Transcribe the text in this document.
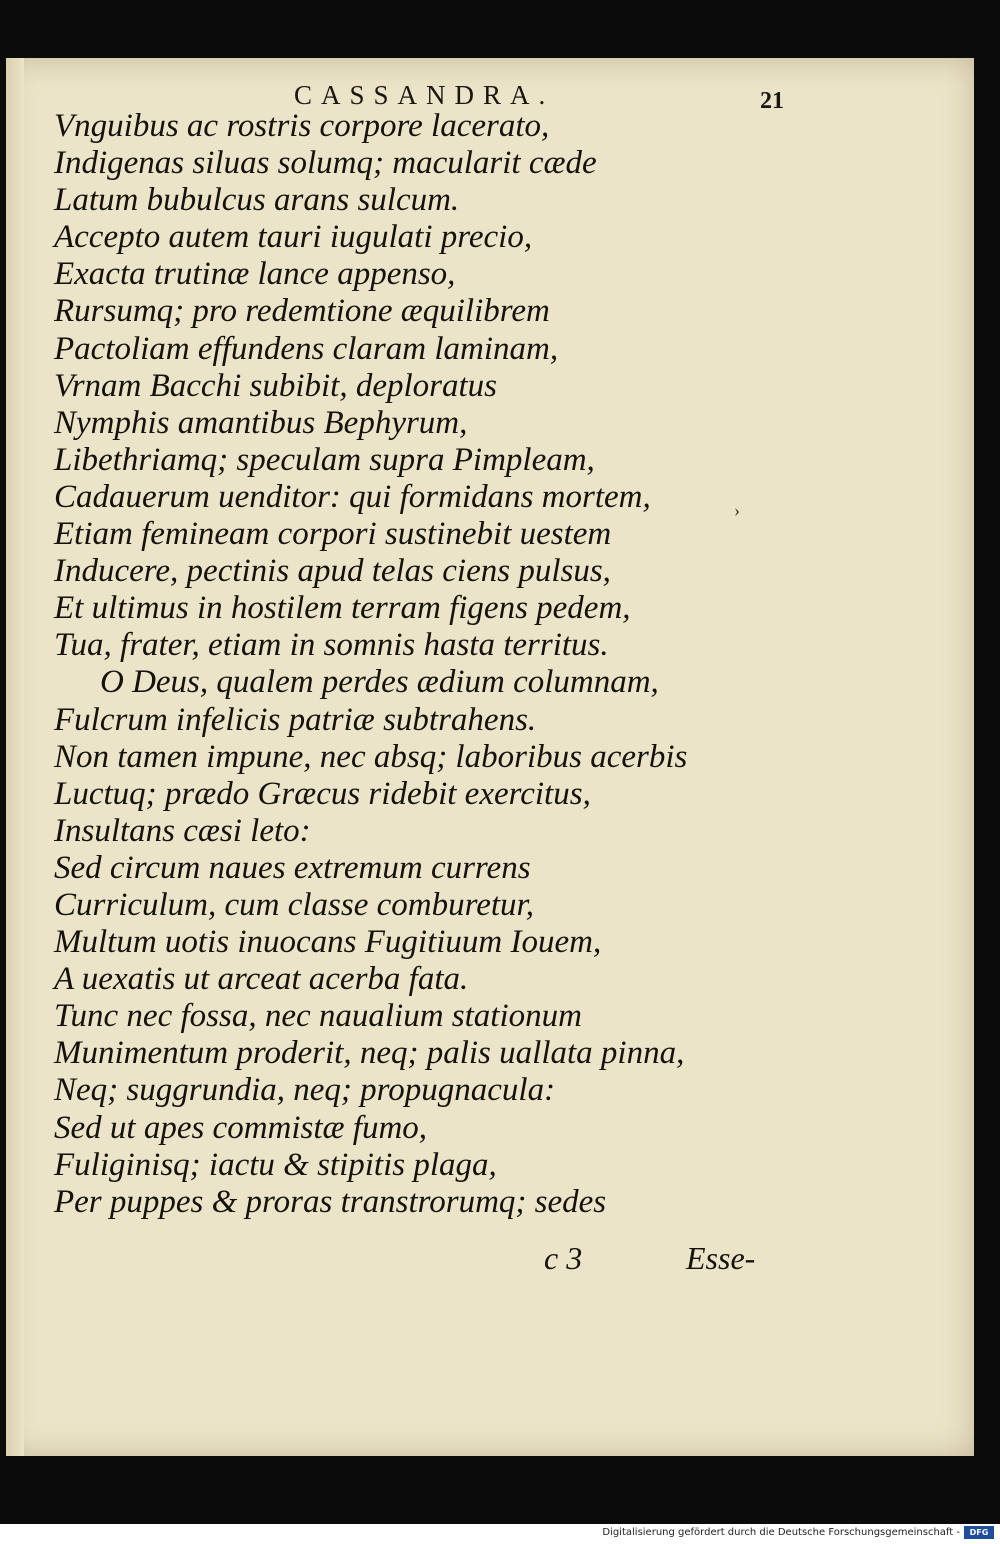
CASSANDRA.	21
Vnguibus ac rostris corpore lacerato,
Indigenas siluas solumq; macularit cæde
Latum bubulcus arans sulcum.
Accepto autem tauri iugulati precio,
Exacta trutinæ lance appenso,
Rursumq; pro redemtione æquilibrem
Pactoliam effundens claram laminam,
Vrnam Bacchi subibit, deploratus
Nymphis amantibus Bephyrum,
Libethriamq; speculam supra Pimpleam,
Cadauerum uenditor: qui formidans mortem,
Etiam femineam corpori sustinebit uestem
Inducere, pectinis apud telas ciens pulsus,
Et ultimus in hostilem terram figens pedem,
Tua, frater, etiam in somnis hasta territus.
O Deus, qualem perdes ædium columnam,
Fulcrum infelicis patriæ subtrahens.
Non tamen impune, nec absq; laboribus acerbis
Luctuq; prædo Græcus ridebit exercitus,
Insultans cæsi leto:
Sed circum naues extremum currens
Curriculum, cum classe comburetur,
Multum uotis inuocans Fugitiuum Iouem,
A uexatis ut arceat acerba fata.
Tunc nec fossa, nec naualium stationum
Munimentum proderit, neq; palis uallata pinna,
Neq; suggrundia, neq; propugnacula:
Sed ut apes commistæ fumo,
Fuliginisq; iactu & stipitis plaga,
Per puppes & proras transtrorumq; sedes
›
c 3	Esse-
Digitalisierung gefördert durch die Deutsche Forschungsgemeinschaft -	DFG
